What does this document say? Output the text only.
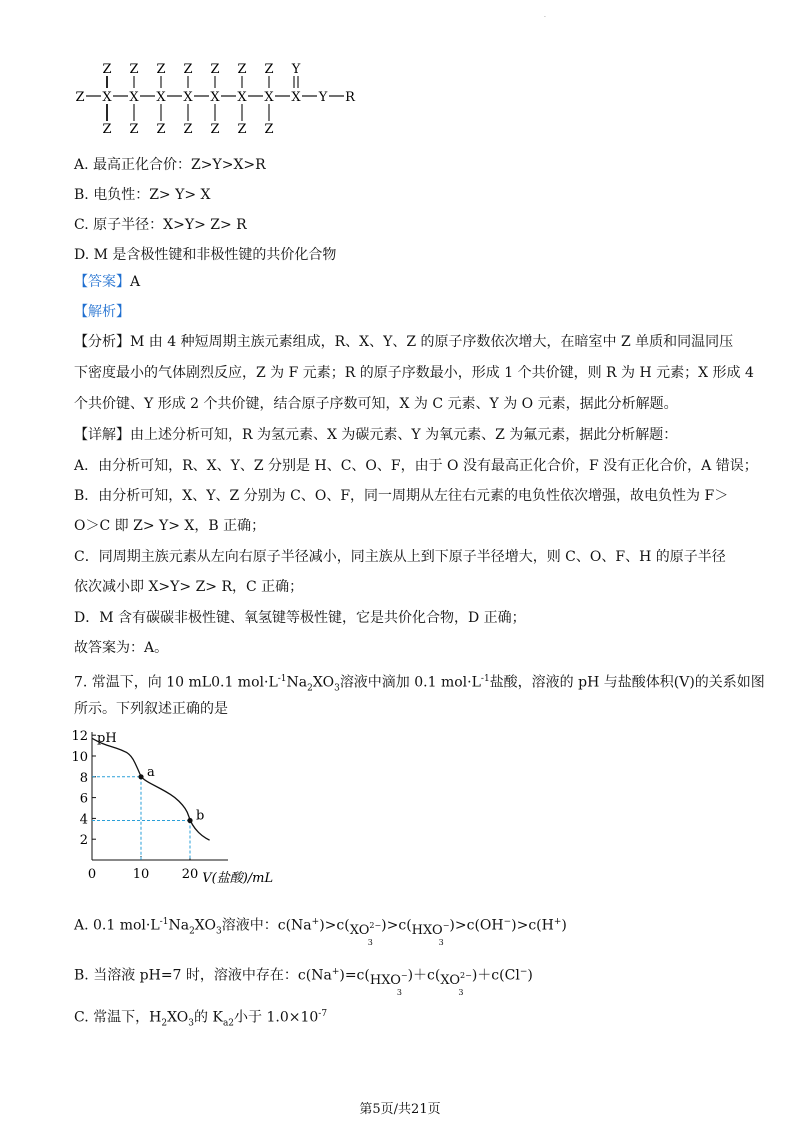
·
Z X
Z
Z
X
Z
Z
X
Z
Z
X
Z
Z
X
Z
Z
X
Z
Z
X
Z
Z
X
Y
Y R
A. 最高正化合价：Z>Y>X>R
B. 电负性：Z> Y> X
C. 原子半径：X>Y> Z> R
D. M 是含极性键和非极性键的共价化合物
【答案】A
【解析】
【分析】M 由 4 种短周期主族元素组成，R、X、Y、Z 的原子序数依次增大，在暗室中 Z 单质和同温同压
下密度最小的气体剧烈反应，Z 为 F 元素；R 的原子序数最小，形成 1 个共价键，则 R 为 H 元素；X 形成 4
个共价键、Y 形成 2 个共价键，结合原子序数可知，X 为 C 元素、Y 为 O 元素，据此分析解题。
【详解】由上述分析可知，R 为氢元素、X 为碳元素、Y 为氧元素、Z 为氟元素，据此分析解题：
A．由分析可知，R、X、Y、Z 分别是 H、C、O、F，由于 O 没有最高正化合价，F 没有正化合价，A 错误；
B．由分析可知，X、Y、Z 分别为 C、O、F，同一周期从左往右元素的电负性依次增强，故电负性为 F＞
O＞C 即 Z> Y> X，B 正确；
C．同周期主族元素从左向右原子半径减小，同主族从上到下原子半径增大，则 C、O、F、H 的原子半径
依次减小即 X>Y> Z> R，C 正确；
D．M 含有碳碳非极性键、氧氢键等极性键，它是共价化合物，D 正确；
故答案为：A。
7. 常温下，向 10 mL0.1 $mol\cdot L^{-1}Na_2XO_3$溶液中滴加 0.1 $mol\cdot L^{-1}$盐酸，溶液的 pH 与盐酸体积(V)的关系如图
所示。下列叙述正确的是
2
4
6
8
10
12
0	10 20
pH
V(盐酸)/mL
a
b
A. 0.1 $mol\cdot L^{-1}Na_2XO_3$溶液中：c(Na+)>c( $XO^{2-}$
3
)>c( HXO−
3
)>c(OH−)>c(H+)
B. 当溶液 pH=7 时，溶液中存在：c(Na+)=c( HXO−
3
)＋c( $XO^{2-}$
3
)＋c(Cl−)
C. 常温下，$H_2XO_3$的 $K_{a2}$小于 $1.0\times 10^{-7}$
第5页/共21页
